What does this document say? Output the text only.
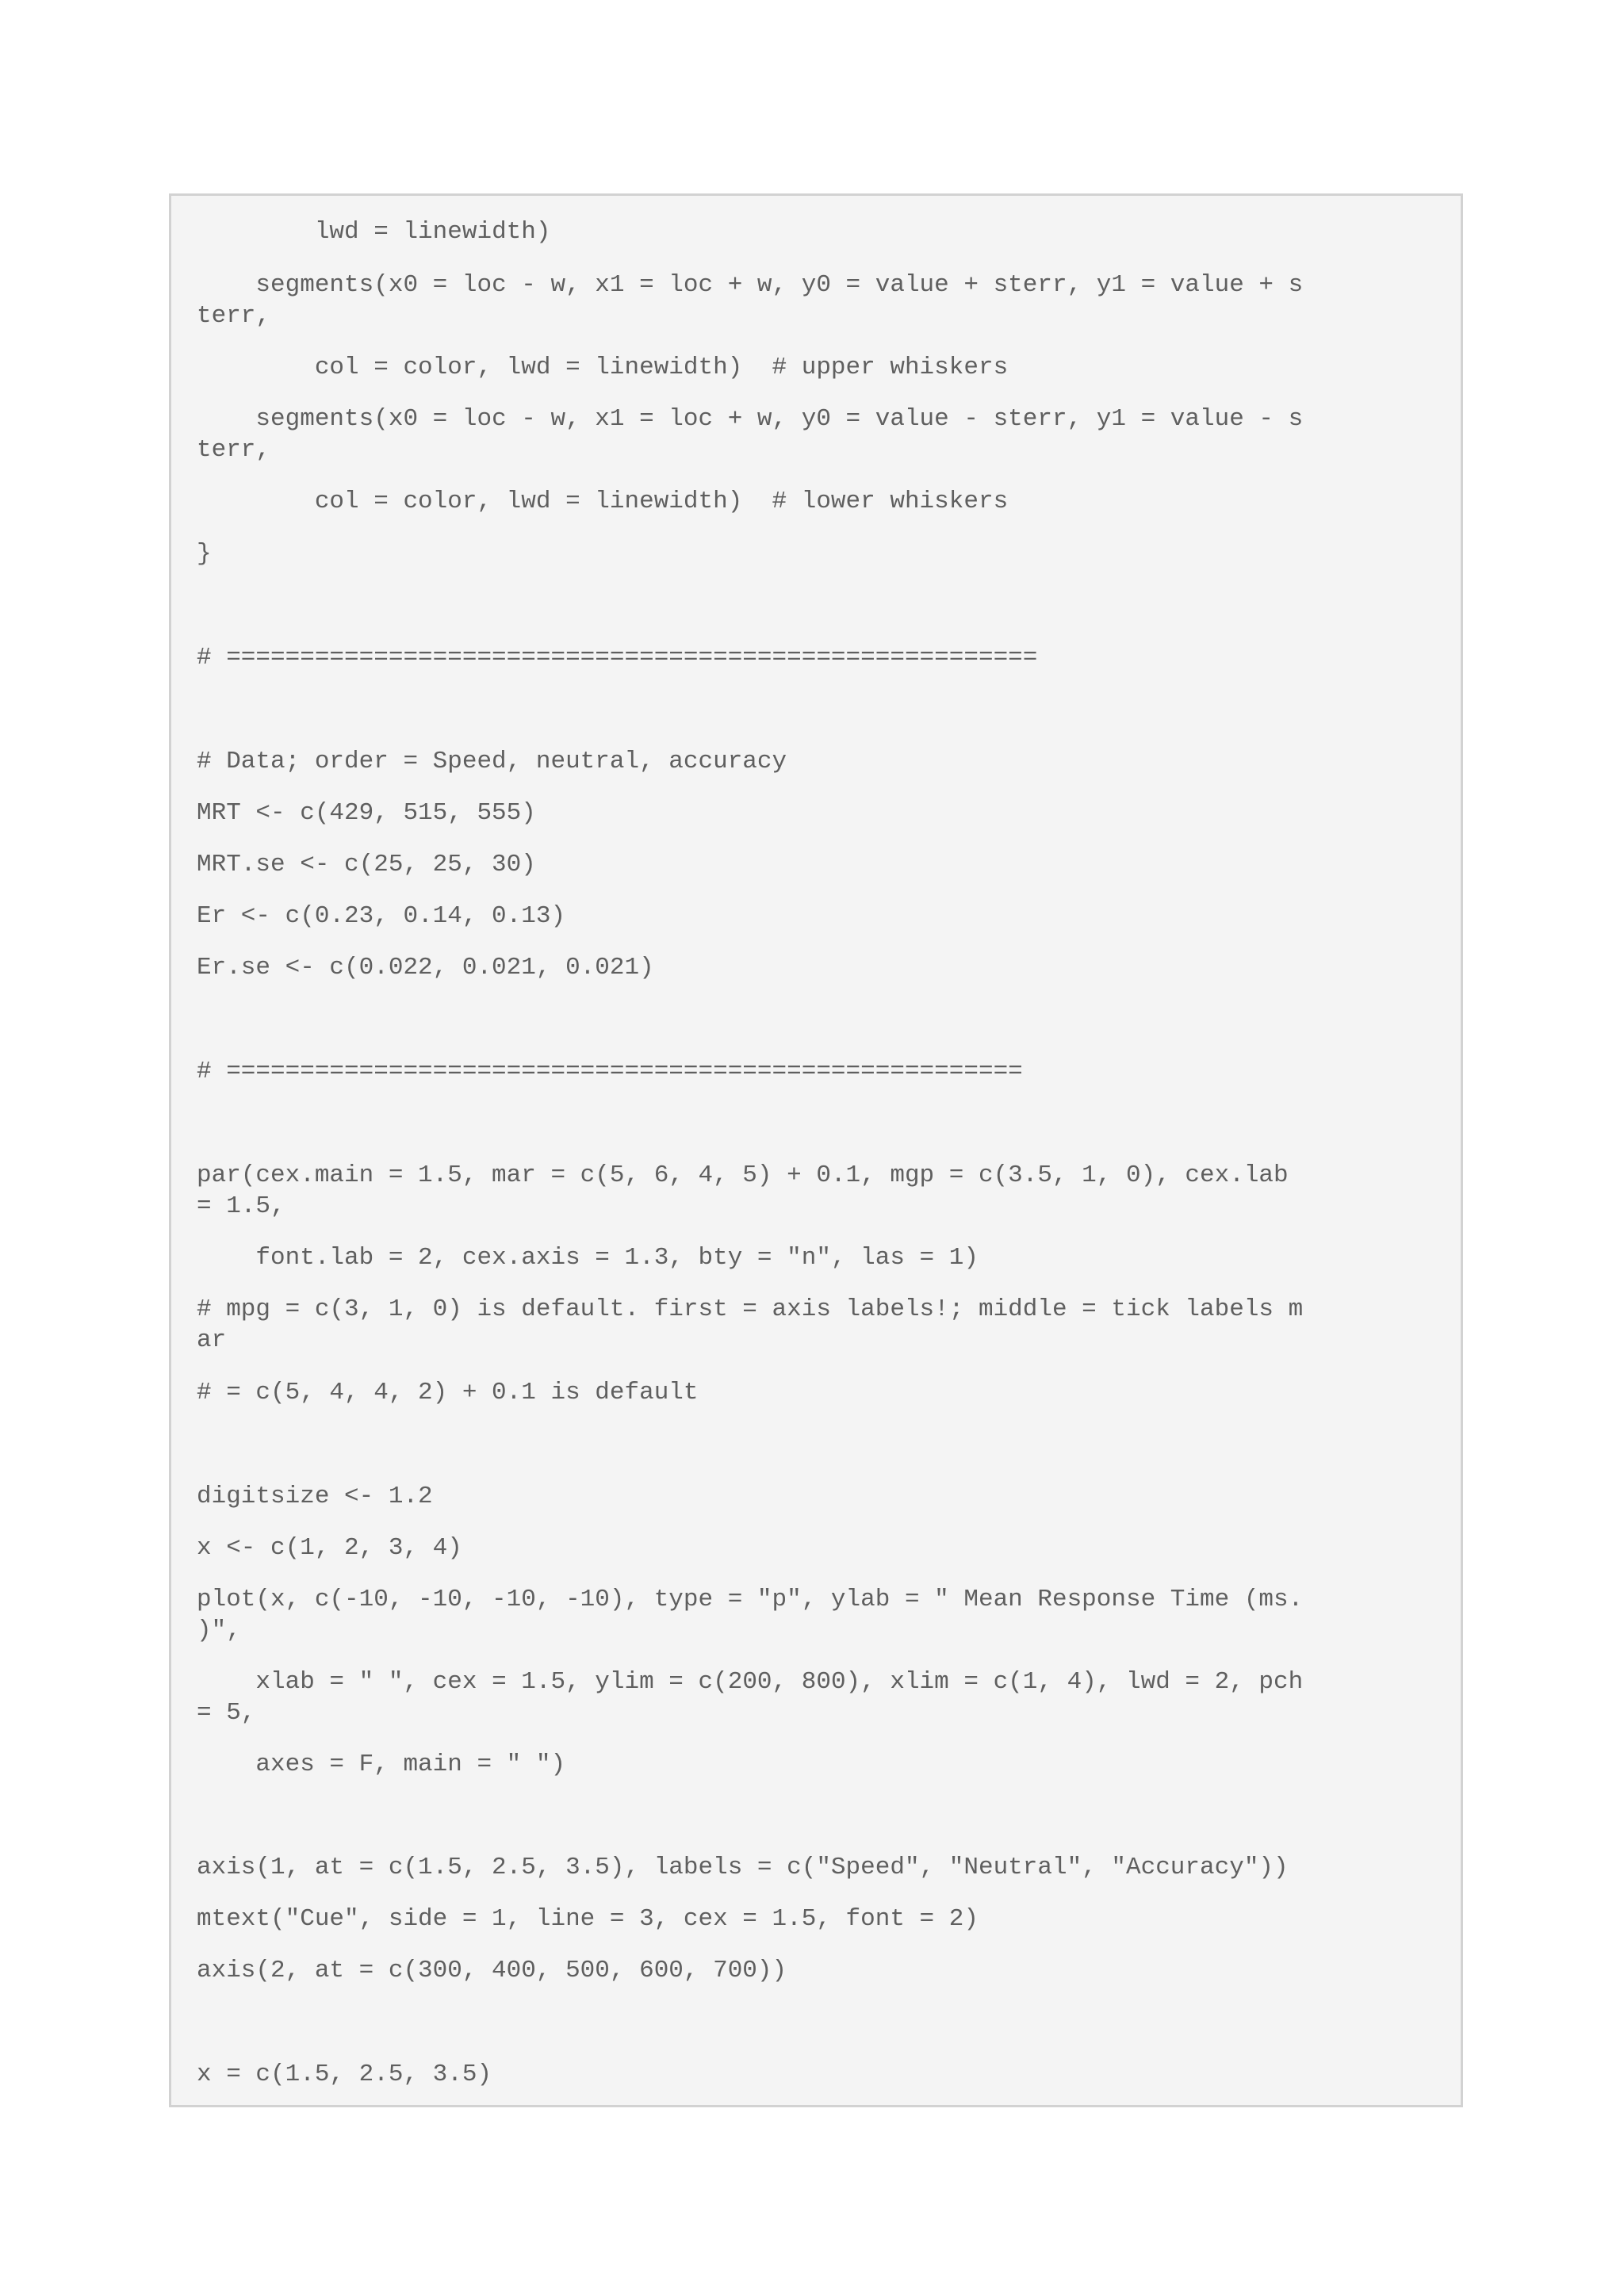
lwd = linewidth)
segments(x0 = loc - w, x1 = loc + w, y0 = value + sterr, y1 = value + s
terr,
col = color, lwd = linewidth)  # upper whiskers
segments(x0 = loc - w, x1 = loc + w, y0 = value - sterr, y1 = value - s
terr,
col = color, lwd = linewidth)  # lower whiskers
}
# =======================================================
# Data; order = Speed, neutral, accuracy
MRT <- c(429, 515, 555)
MRT.se <- c(25, 25, 30)
Er <- c(0.23, 0.14, 0.13)
Er.se <- c(0.022, 0.021, 0.021)
# ======================================================
par(cex.main = 1.5, mar = c(5, 6, 4, 5) + 0.1, mgp = c(3.5, 1, 0), cex.lab
= 1.5,
font.lab = 2, cex.axis = 1.3, bty = "n", las = 1)
# mpg = c(3, 1, 0) is default. first = axis labels!; middle = tick labels m
ar
# = c(5, 4, 4, 2) + 0.1 is default
digitsize <- 1.2
x <- c(1, 2, 3, 4)
plot(x, c(-10, -10, -10, -10), type = "p", ylab = " Mean Response Time (ms.
)",
xlab = " ", cex = 1.5, ylim = c(200, 800), xlim = c(1, 4), lwd = 2, pch
= 5,
axes = F, main = " ")
axis(1, at = c(1.5, 2.5, 3.5), labels = c("Speed", "Neutral", "Accuracy"))
mtext("Cue", side = 1, line = 3, cex = 1.5, font = 2)
axis(2, at = c(300, 400, 500, 600, 700))
x = c(1.5, 2.5, 3.5)
